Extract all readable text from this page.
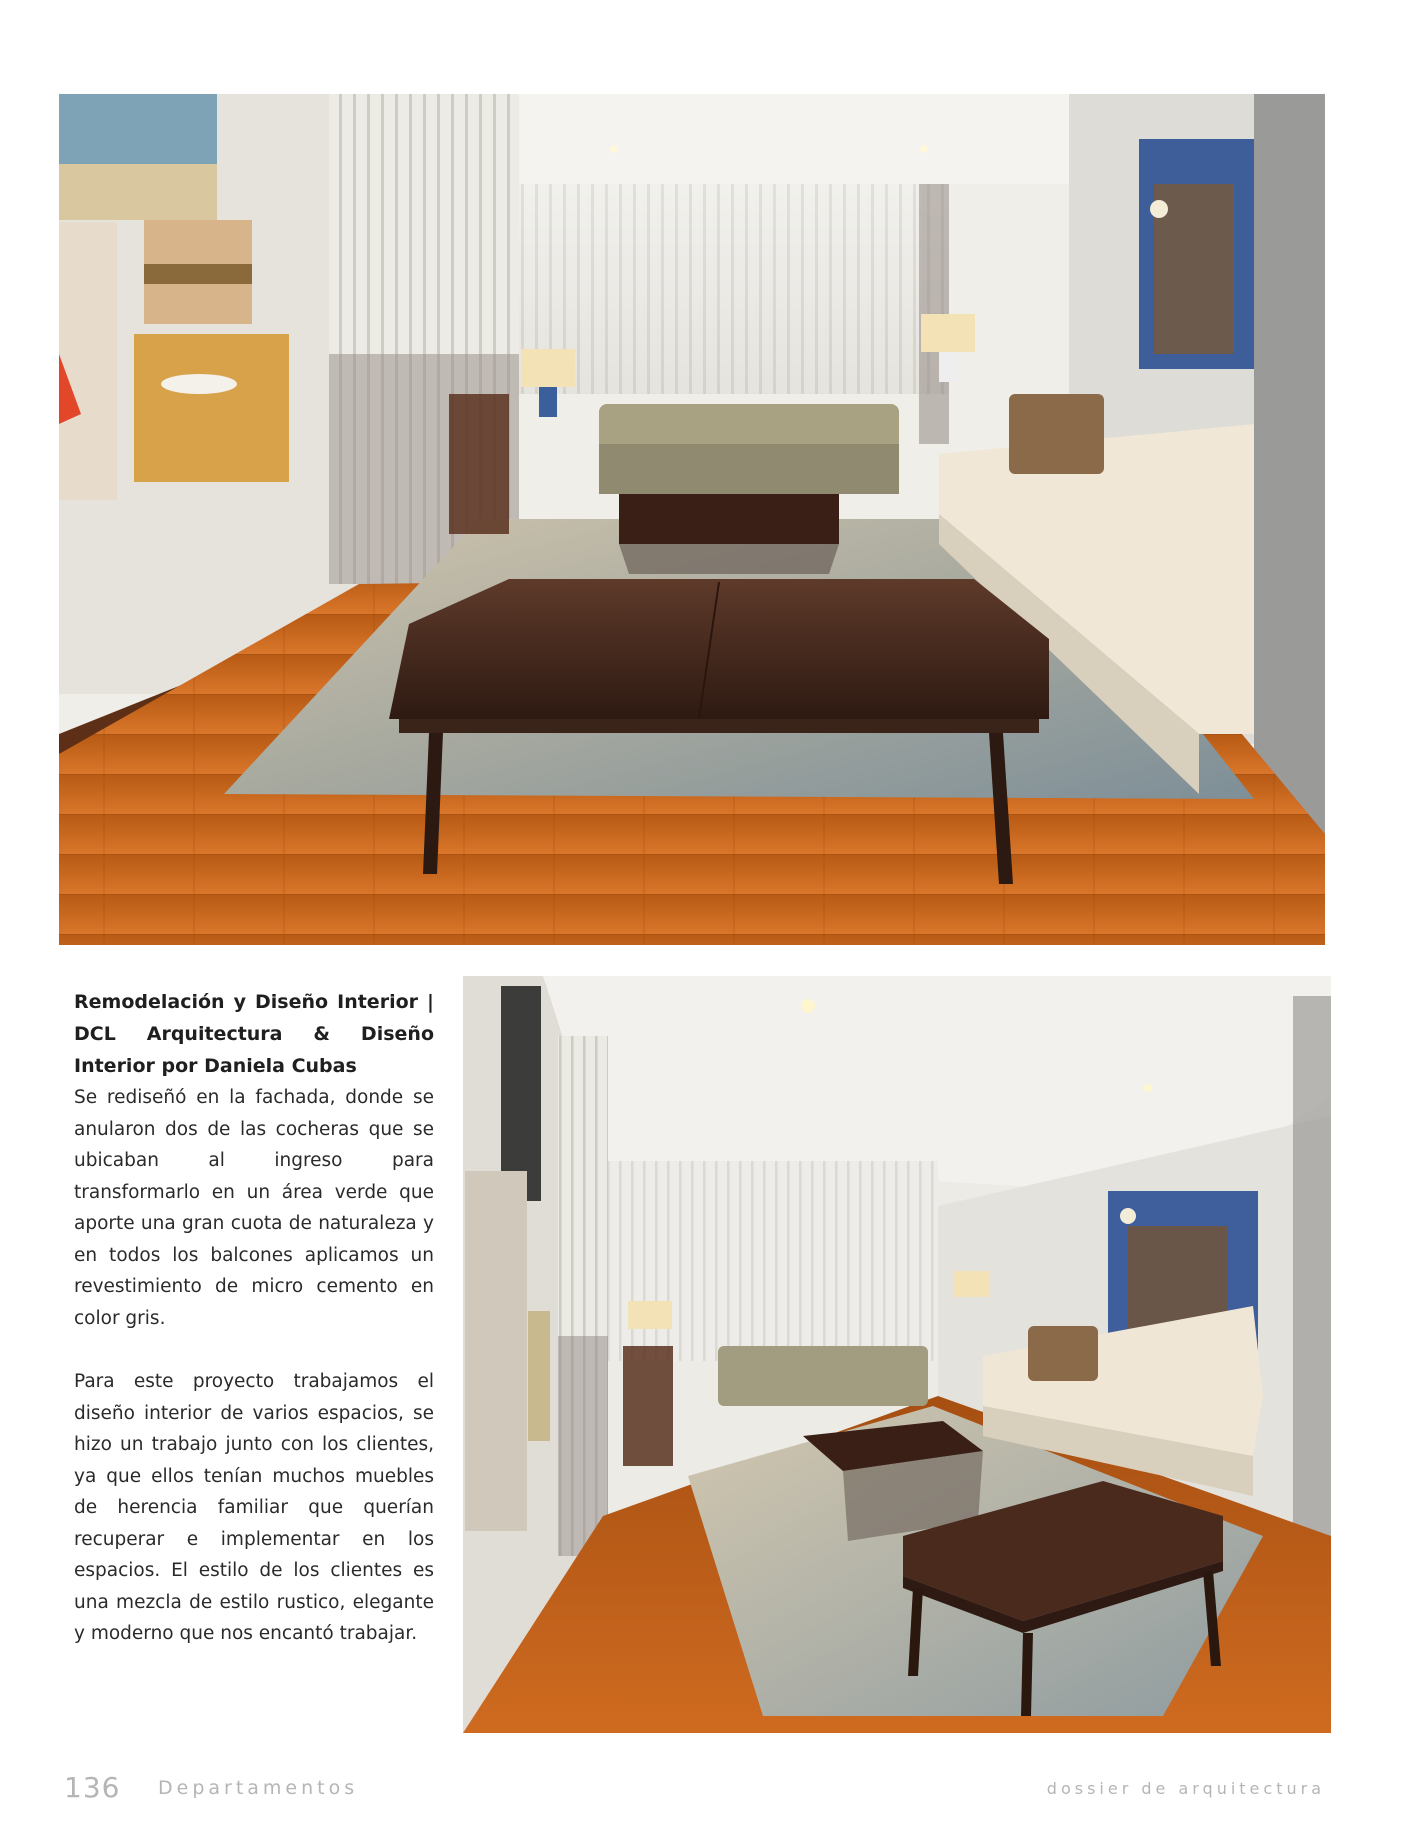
Remodelación y Diseño Interior | DCL Arquitectura & Diseño Interior por Daniela Cubas

Se rediseñó en la fachada, donde se anularon dos de las cocheras que se ubicaban al ingreso para transformarlo en un área verde que aporte una gran cuota de naturaleza y en todos los balcones aplicamos un revestimiento de micro cemento en color gris.

Para este proyecto trabajamos el diseño interior de varios espacios, se hizo un trabajo junto con los clientes, ya que ellos tenían muchos muebles de herencia familiar que querían recuperar e implementar en los espacios. El estilo de los clientes es una mezcla de estilo rustico, elegante y moderno que nos encantó trabajar.

136 Departamentos	dossier de arquitectura
